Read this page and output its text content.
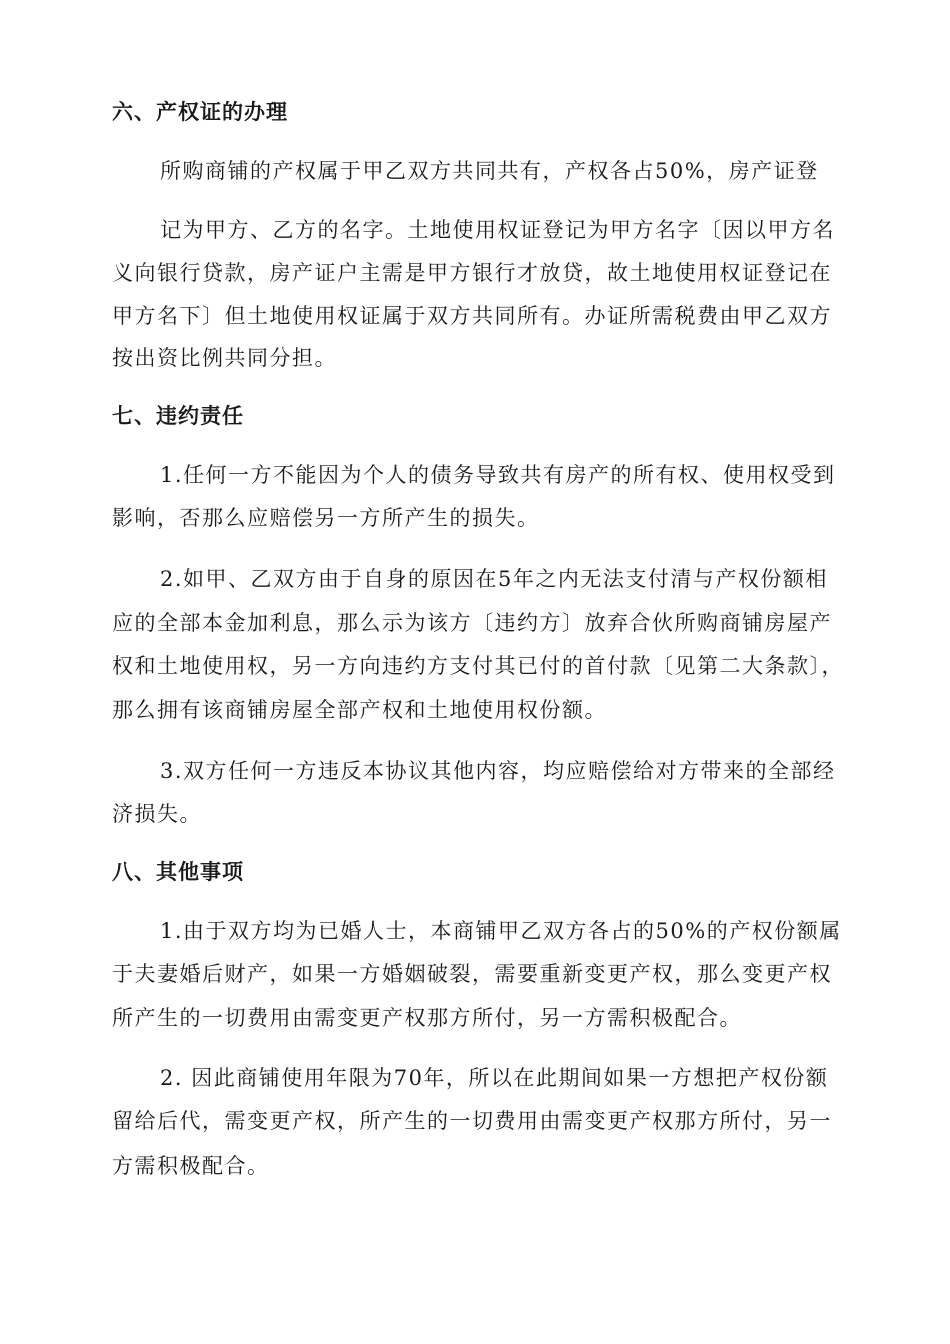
六、产权证的办理
所购商铺的产权属于甲乙双方共同共有，产权各占50%，房产证登
记为甲方、乙方的名字。土地使用权证登记为甲方名字〔因以甲方名
义向银行贷款，房产证户主需是甲方银行才放贷，故土地使用权证登记在
甲方名下〕但土地使用权证属于双方共同所有。办证所需税费由甲乙双方
按出资比例共同分担。
七、违约责任
1.任何一方不能因为个人的债务导致共有房产的所有权、使用权受到
影响，否那么应赔偿另一方所产生的损失。
2.如甲、乙双方由于自身的原因在5年之内无法支付清与产权份额相
应的全部本金加利息，那么示为该方〔违约方〕放弃合伙所购商铺房屋产
权和土地使用权，另一方向违约方支付其已付的首付款〔见第二大条款〕，
那么拥有该商铺房屋全部产权和土地使用权份额。
3.双方任何一方违反本协议其他内容，均应赔偿给对方带来的全部经
济损失。
八、其他事项
1.由于双方均为已婚人士，本商铺甲乙双方各占的50%的产权份额属
于夫妻婚后财产，如果一方婚姻破裂，需要重新变更产权，那么变更产权
所产生的一切费用由需变更产权那方所付，另一方需积极配合。
2. 因此商铺使用年限为70年，所以在此期间如果一方想把产权份额
留给后代，需变更产权，所产生的一切费用由需变更产权那方所付，另一
方需积极配合。
